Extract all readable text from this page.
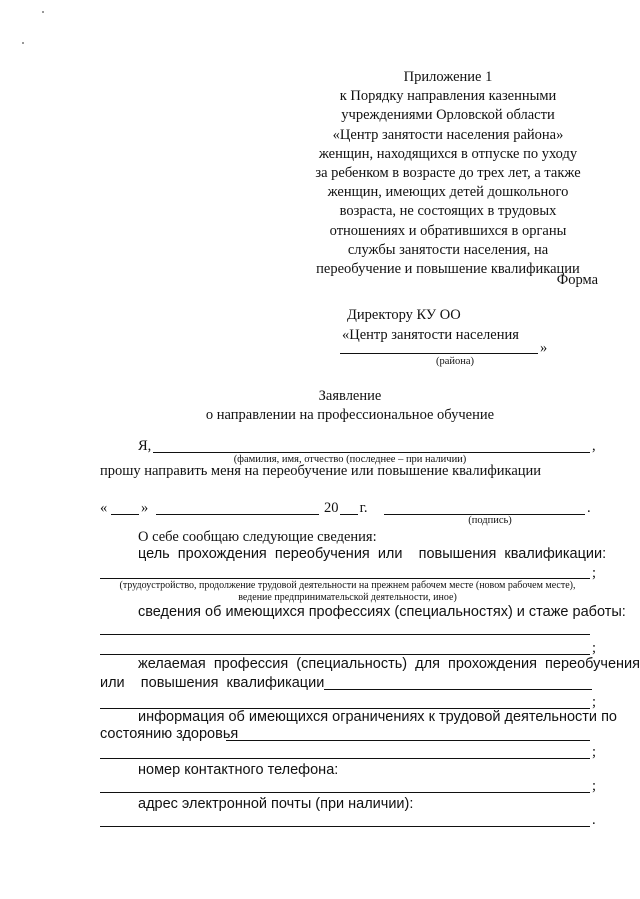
Приложение 1
к Порядку направления казенными
учреждениями Орловской области
«Центр занятости населения района»
женщин, находящихся в отпуске по уходу
за ребенком в возрасте до трех лет, а также
женщин, имеющих детей дошкольного
возраста, не состоящих в трудовых
отношениях и обратившихся в органы
службы занятости населения, на
переобучение и повышение квалификации
Форма
Директору КУ ОО
«Центр занятости населения
»
(района)
Заявление
о направлении на профессиональное обучение
Я,	,
(фамилия, имя, отчество (последнее – при наличии)
прошу направить меня на переобучение или повышение квалификации
« »	20 г.	.
(подпись)
О себе сообщаю следующие сведения:
цель  прохождения  переобучения  или    повышения  квалификации:
;
(трудоустройство, продолжение трудовой деятельности на прежнем рабочем месте (новом рабочем месте),
ведение предпринимательской деятельности, иное)
сведения об имеющихся профессиях (специальностях) и стаже работы:
;
желаемая  профессия  (специальность)  для  прохождения  переобучения
или    повышения  квалификации
;
информация об имеющихся ограничениях к трудовой деятельности по
состоянию здоровья
;
номер контактного телефона:
;
адрес электронной почты (при наличии):
.
